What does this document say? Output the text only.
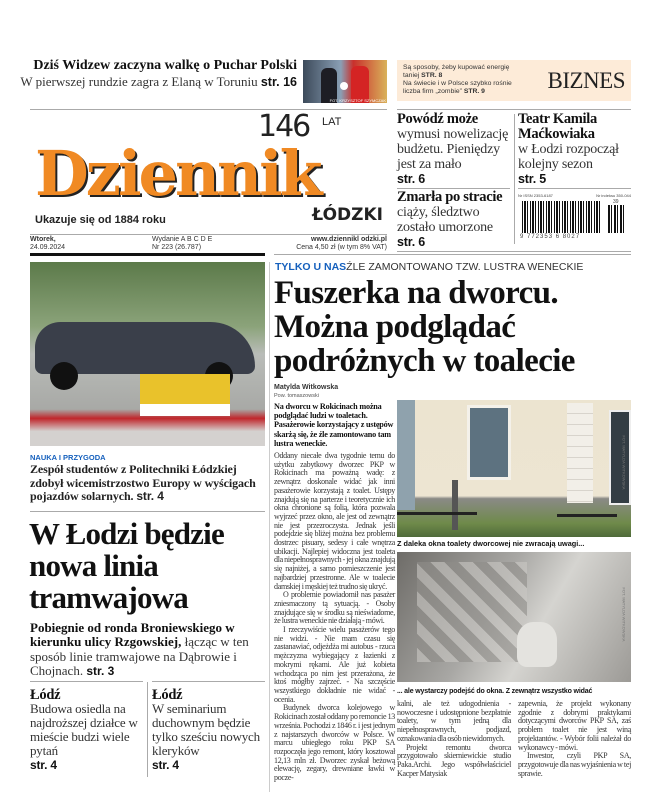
Dziś Widzew zaczyna walkę o Puchar Polski
W pierwszej rundzie zagra z Elaną w Toruniu str. 16
FOT. KRZYSZTOF SZYMCZAK
Są sposoby, żeby kupować energię taniej STR. 8
Na świecie i w Polsce szybko rośnie liczba firm „zombie” STR. 9	BIZNES
146 LAT
Dziennik
ŁÓDZKI
Ukazuje się od 1884 roku
Wtorek,
24.09.2024
Wydanie A B C D E
Nr 223 (26.787)
www.dziennikl odzki.pl
Cena 4,50 zł (w tym 8% VAT)
Powódź może
wymusi nowelizację budżetu. Pieniędzy jest za mało
str. 6
Teatr Kamila Maćkowiaka
w Łodzi rozpoczął kolejny sezon
str. 5
Zmarła po stracie
ciąży, śledztwo zostało umorzone
str. 6
Nr ISSN 2353-6187	Nr indeksu 350-044
39
9 772353 6 8027
NAUKA I PRZYGODA
Zespół studentów z Politechniki Łódzkiej zdobył wicemistrzostwo Europy w wyścigach pojazdów solarnych. str. 4
W Łodzi będzie nowa linia tramwajowa
Pobiegnie od ronda Broniewskiego w kierunku ulicy Rzgowskiej, łącząc w ten sposób linie tramwajowe na Dąbrowie i Chojnach. str. 3
Łódź
Budowa osiedla na najdroższej działce w mieście budzi wiele pytań
str. 4
Łódź
W seminarium duchownym będzie tylko sześciu nowych kleryków
str. 4
TYLKO U NASŹLE ZAMONTOWANO TZW. LUSTRA WENECKIE
Fuszerka na dworcu. Można podglądać podróżnych w toalecie
Matylda Witkowska
Pow. tomaszowski
Na dworcu w Rokicinach można podglądać ludzi w toaletach. Pasażerowie korzystający z ustępów skarżą się, że źle zamontowano tam lustra weneckie.

Oddany niecałe dwa tygodnie temu do użytku zabytkowy dworzec PKP w Rokicinach ma poważną wadę: z zewnątrz doskonale widać jak inni pasażerowie korzystają z toalet. Ustępy znajdują się na parterze i teoretycznie ich okna chronione są folią, która pozwala wyjrzeć przez okno, ale jest od zewnątrz nie jest przezroczysta. Jednak jeśli podejdzie się bliżej można bez problemu dostrzec pisuary, sedesy i całe wnętrza ubikacji. Najlepiej widoczna jest toaleta dla niepełnosprawnych - jej okna znajdują się najniżej, a samo pomieszczenie jest najbardziej przestronne. Ale w toalecie damskiej i męskiej też trudno się ukryć.

O problemie powiadomił nas pasażer zniesmaczony tą sytuacją. - Osoby znajdujące się w środku są nieświadome, że lustra weneckie nie działają - mówi.

I rzeczywiście wielu pasażerów tego nie widzi. - Nie mam czasu się zastanawiać, odjeżdża mi autobus - rzuca mężczyzna wybiegający z łazienki z mokrymi rękami. Ale już kobieta wchodząca po nim jest przerażona, że ktoś mógłby zajrzeć. - Na szczęście wszystkiego dokładnie nie widać - ocenia.

Budynek dworca kolejowego w Rokicinach został oddany po remoncie 13 września. Pochodzi z 1846 r. i jest jednym z najstarszych dworców w Polsce. W marcu ubiegłego roku PKP SA rozpoczęła jego remont, który kosztował 12,13 mln zł. Dworzec zyskał beżową elewację, zegary, drewniane ławki w pocze-

FOT. MATYLDA WITKOWSKA
Z daleka okna toalety dworcowej nie zwracają uwagi...
FOT. MATYLDA WITKOWSKA
... ale wystarczy podejść do okna. Z zewnątrz wszystko widać

kalni, ale też udogodnienia - nowoczesne i udostępnione bezpłatnie toalety, w tym jedną dla niepełnosprawnych, podjazd, oznakowania dla osób niewidomych.

Projekt remontu dworca przygotowało skierniewickie studio Paka.Archi. Jego współwłaściciel Kacper Matysiak

zapewnia, że projekt wykonany zgodnie z dobrymi praktykami dotyczącymi dworców PKP SA, zaś problem toalet nie jest winą projektantów. - Wybór folii należał do wykonawcy - mówi.

Inwestor, czyli PKP SA, przygotowuje dla nas wyjaśnienia w tej sprawie.
